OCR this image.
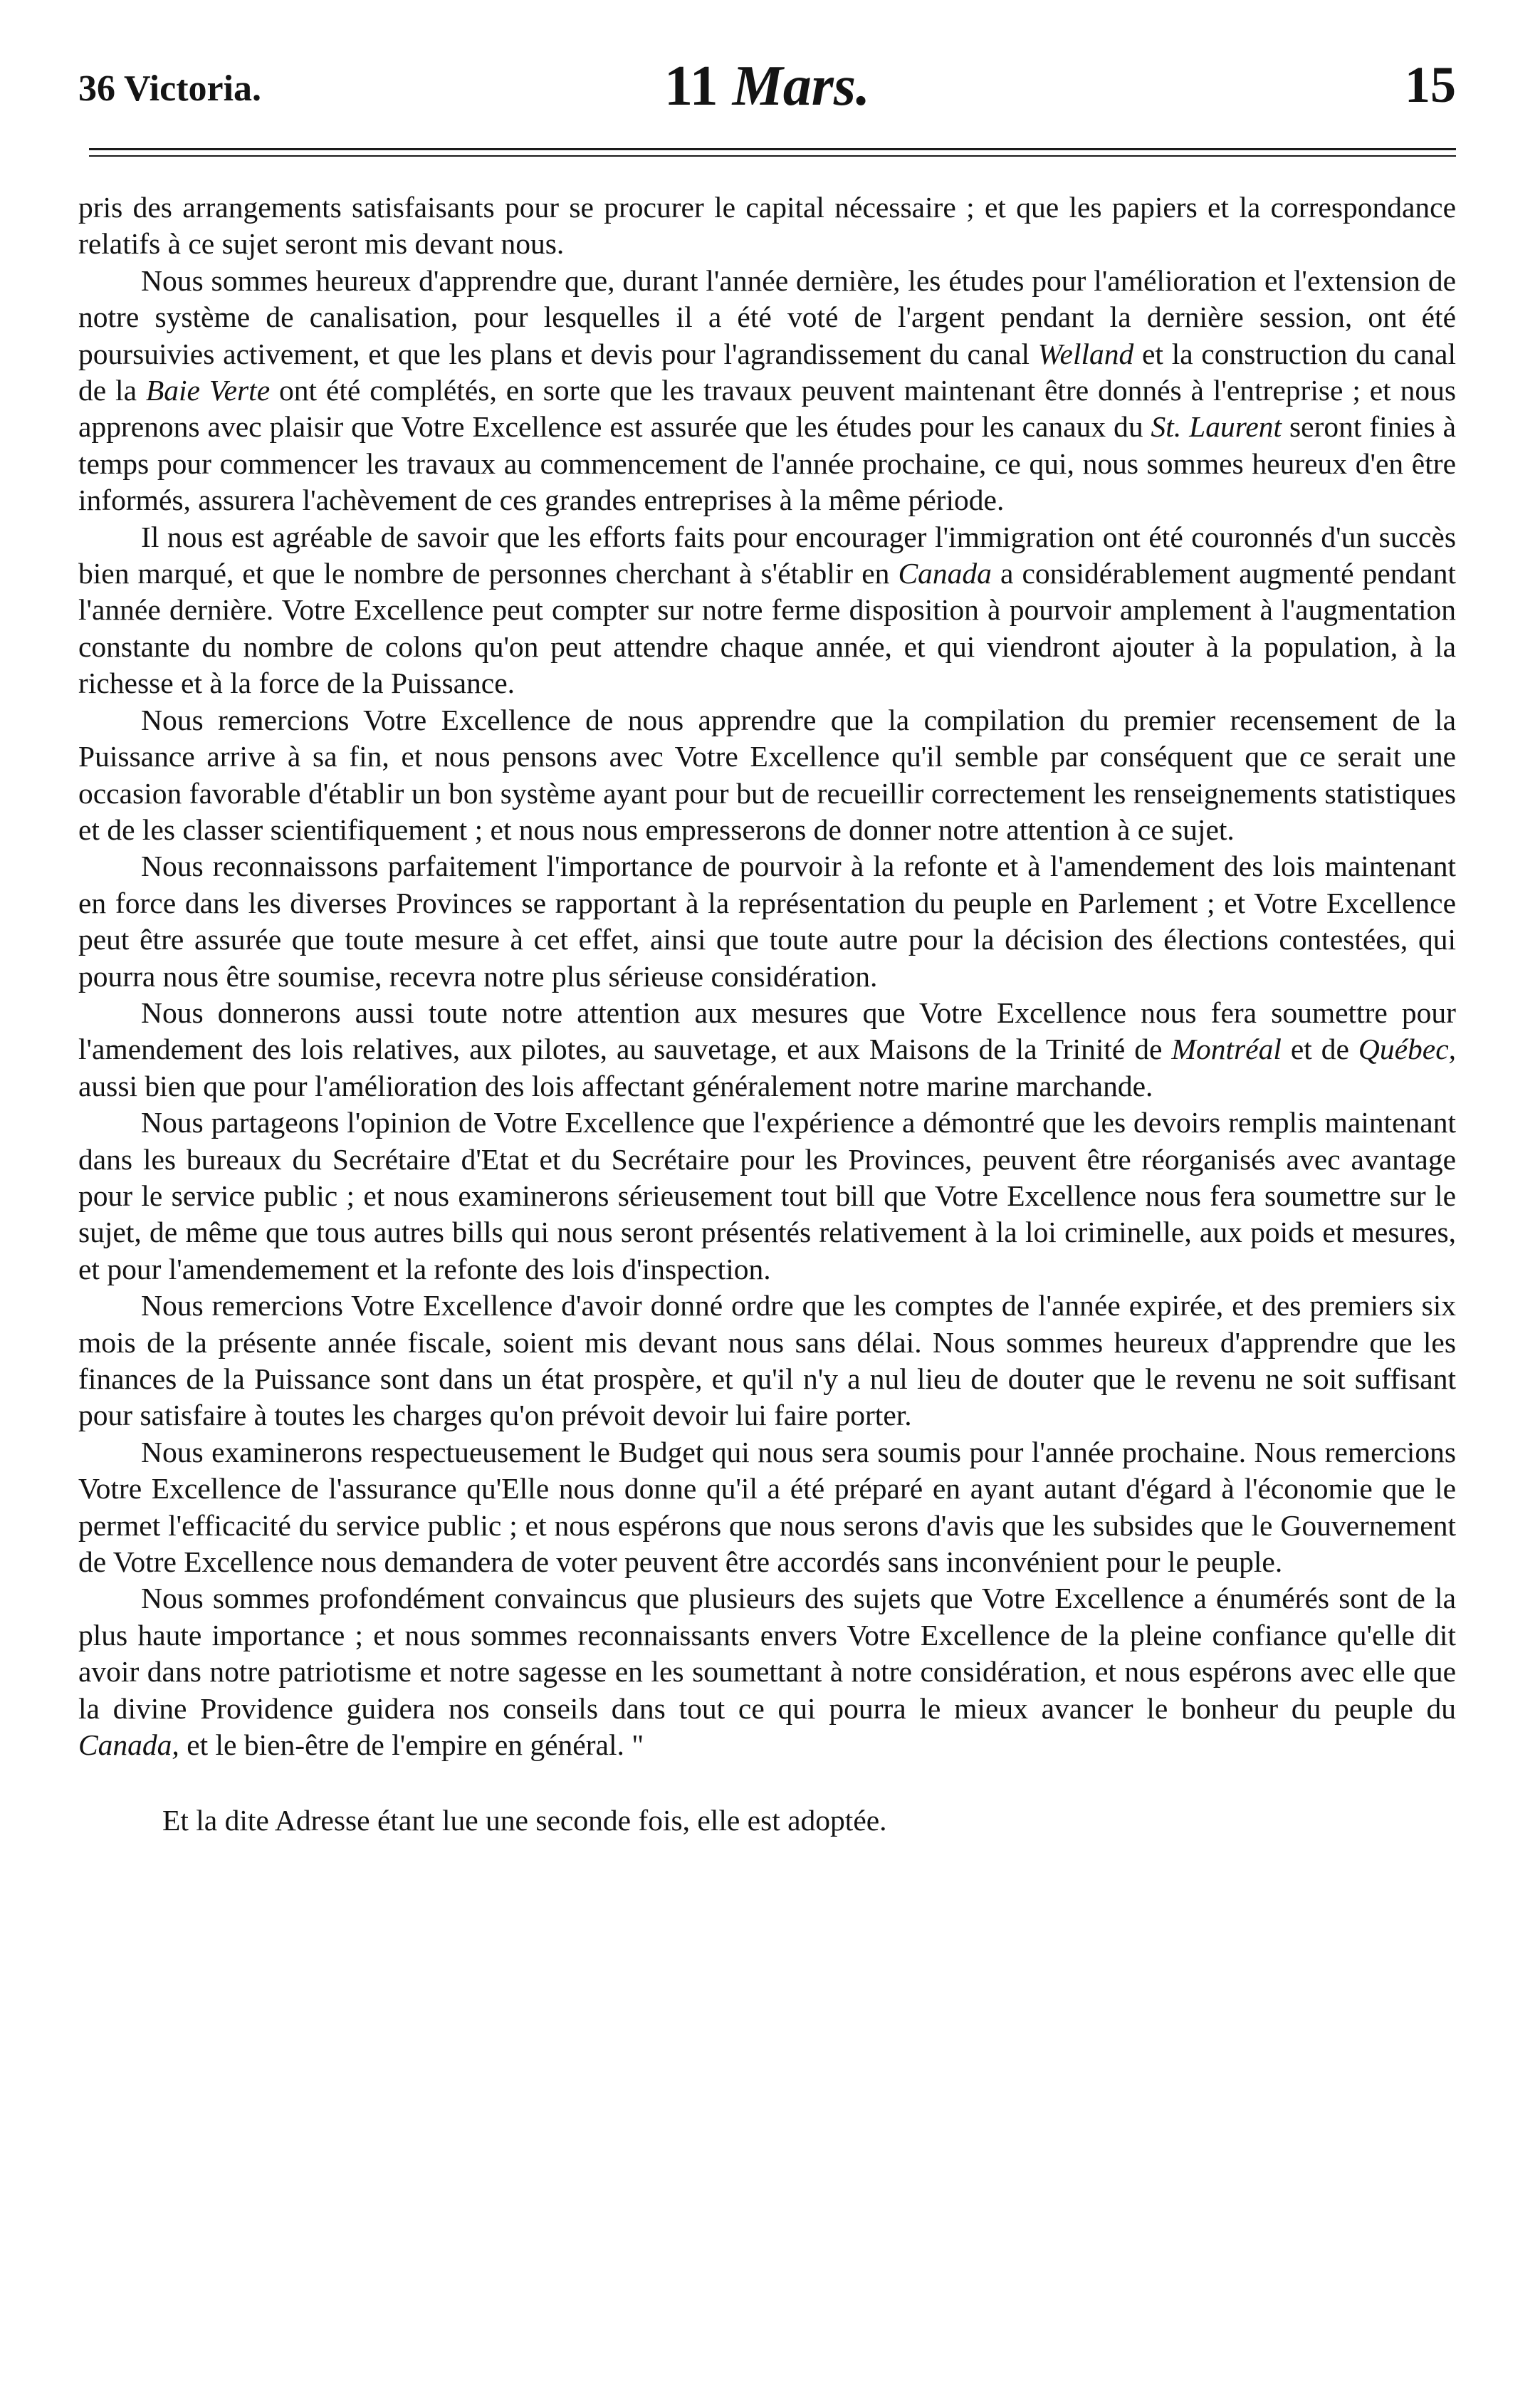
36 Victoria.	11 Mars.	15

pris des arrangements satisfaisants pour se procurer le capital nécessaire ; et que les papiers et la correspondance relatifs à ce sujet seront mis devant nous.

Nous sommes heureux d'apprendre que, durant l'année dernière, les études pour l'amélioration et l'extension de notre système de canalisation, pour lesquelles il a été voté de l'argent pendant la dernière session, ont été poursuivies activement, et que les plans et devis pour l'agrandissement du canal Welland et la construction du canal de la Baie Verte ont été complétés, en sorte que les travaux peuvent maintenant être donnés à l'entreprise ; et nous apprenons avec plaisir que Votre Excellence est assurée que les études pour les canaux du St. Laurent seront finies à temps pour commencer les travaux au commencement de l'année prochaine, ce qui, nous sommes heureux d'en être informés, assurera l'achèvement de ces grandes entreprises à la même période.

Il nous est agréable de savoir que les efforts faits pour encourager l'immigration ont été couronnés d'un succès bien marqué, et que le nombre de personnes cherchant à s'établir en Canada a considérablement augmenté pendant l'année dernière. Votre Excellence peut compter sur notre ferme disposition à pourvoir amplement à l'augmentation constante du nombre de colons qu'on peut attendre chaque année, et qui viendront ajouter à la population, à la richesse et à la force de la Puissance.

Nous remercions Votre Excellence de nous apprendre que la compilation du premier recensement de la Puissance arrive à sa fin, et nous pensons avec Votre Excellence qu'il semble par conséquent que ce serait une occasion favorable d'établir un bon système ayant pour but de recueillir correctement les renseignements statistiques et de les classer scientifiquement ; et nous nous empresserons de donner notre attention à ce sujet.

Nous reconnaissons parfaitement l'importance de pourvoir à la refonte et à l'amendement des lois maintenant en force dans les diverses Provinces se rapportant à la représentation du peuple en Parlement ; et Votre Excellence peut être assurée que toute mesure à cet effet, ainsi que toute autre pour la décision des élections contestées, qui pourra nous être soumise, recevra notre plus sérieuse considération.

Nous donnerons aussi toute notre attention aux mesures que Votre Excellence nous fera soumettre pour l'amendement des lois relatives, aux pilotes, au sauvetage, et aux Maisons de la Trinité de Montréal et de Québec, aussi bien que pour l'amélioration des lois affectant généralement notre marine marchande.

Nous partageons l'opinion de Votre Excellence que l'expérience a démontré que les devoirs remplis maintenant dans les bureaux du Secrétaire d'Etat et du Secrétaire pour les Provinces, peuvent être réorganisés avec avantage pour le service public ; et nous examinerons sérieusement tout bill que Votre Excellence nous fera soumettre sur le sujet, de même que tous autres bills qui nous seront présentés relativement à la loi criminelle, aux poids et mesures, et pour l'amendemement et la refonte des lois d'inspection.

Nous remercions Votre Excellence d'avoir donné ordre que les comptes de l'année expirée, et des premiers six mois de la présente année fiscale, soient mis devant nous sans délai. Nous sommes heureux d'apprendre que les finances de la Puissance sont dans un état prospère, et qu'il n'y a nul lieu de douter que le revenu ne soit suffisant pour satisfaire à toutes les charges qu'on prévoit devoir lui faire porter.

Nous examinerons respectueusement le Budget qui nous sera soumis pour l'année prochaine. Nous remercions Votre Excellence de l'assurance qu'Elle nous donne qu'il a été préparé en ayant autant d'égard à l'économie que le permet l'efficacité du service public ; et nous espérons que nous serons d'avis que les subsides que le Gouvernement de Votre Excellence nous demandera de voter peuvent être accordés sans inconvénient pour le peuple.

Nous sommes profondément convaincus que plusieurs des sujets que Votre Excellence a énumérés sont de la plus haute importance ; et nous sommes reconnaissants envers Votre Excellence de la pleine confiance qu'elle dit avoir dans notre patriotisme et notre sagesse en les soumettant à notre considération, et nous espérons avec elle que la divine Providence guidera nos conseils dans tout ce qui pourra le mieux avancer le bonheur du peuple du Canada, et le bien-être de l'empire en général. "

Et la dite Adresse étant lue une seconde fois, elle est adoptée.
